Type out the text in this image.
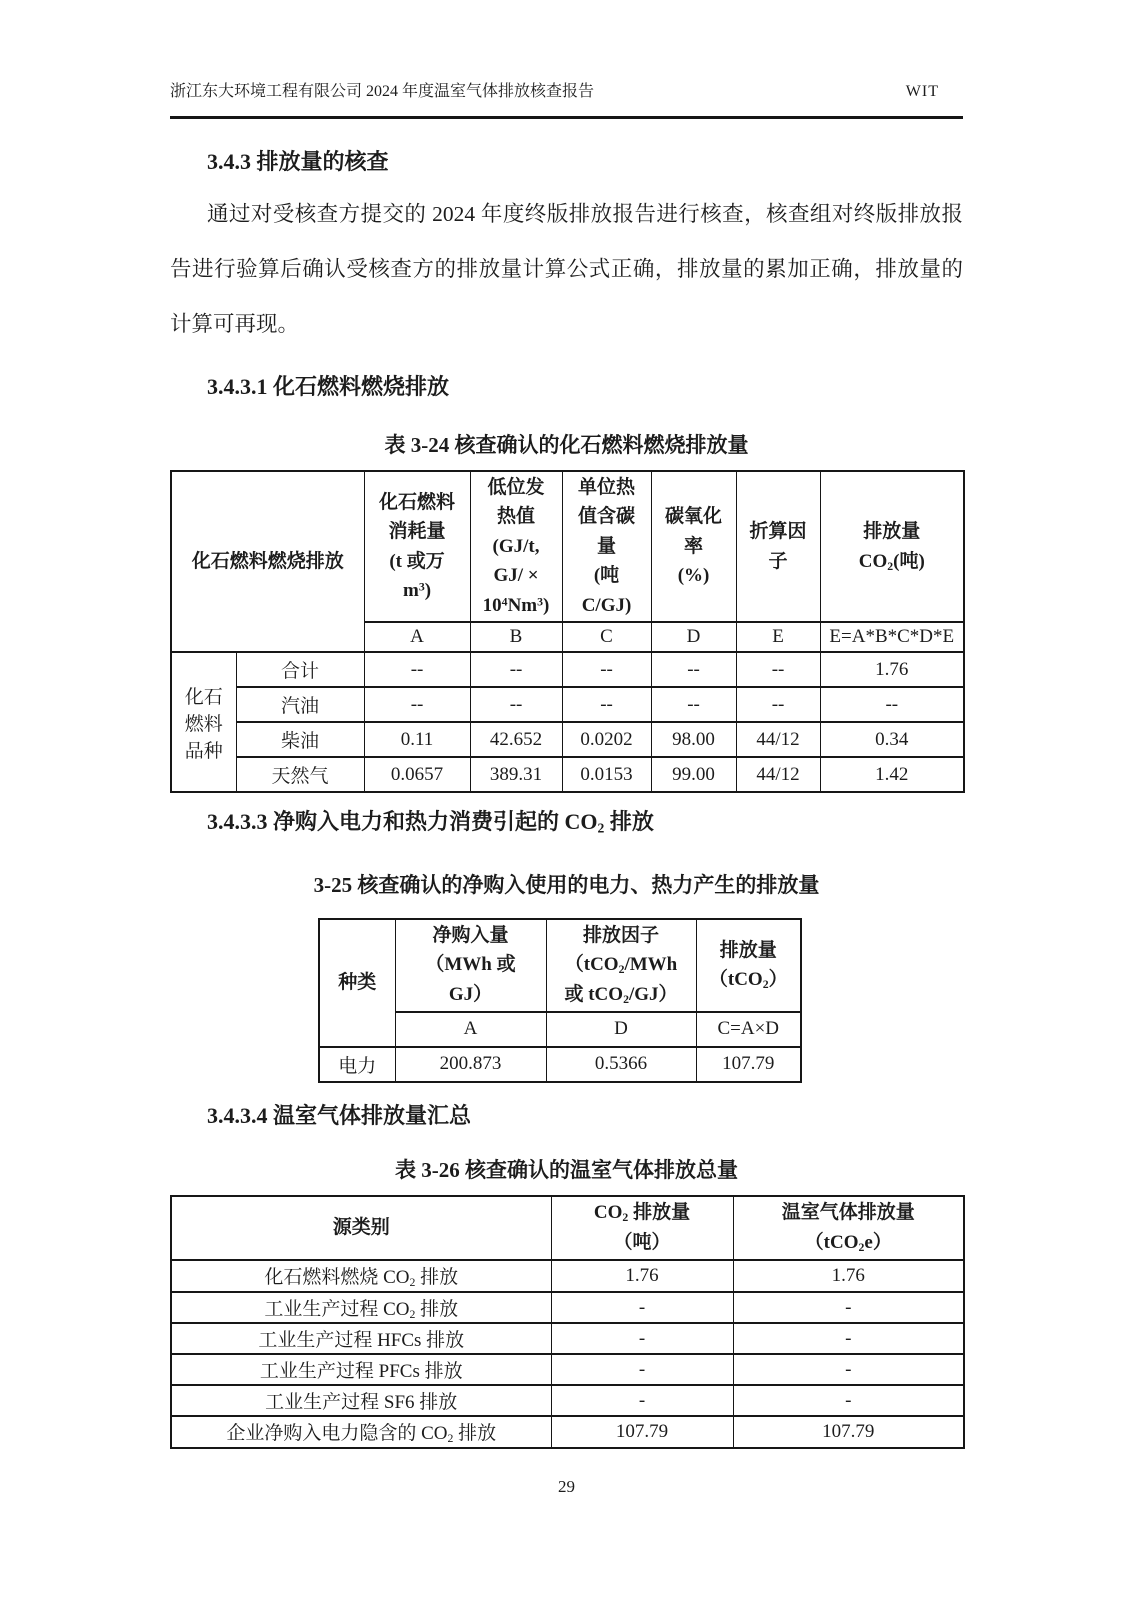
浙江东大环境工程有限公司 2024 年度温室气体排放核查报告	WIT
3.4.3 排放量的核查

通过对受核查方提交的 2024 年度终版排放报告进行核查，核查组对终版排放报告进行验算后确认受核查方的排放量计算公式正确，排放量的累加正确，排放量的计算可再现。

3.4.3.1 化石燃料燃烧排放
表 3-24 核查确认的化石燃料燃烧排放量
化石燃料燃烧排放		化石燃料
消耗量
(t 或万
$m^3$)	低位发
热值
(GJ/t,
GJ/ ×
$10^4Nm^3$)	单位热
值含碳
量
(吨
C/GJ)	碳氧化
率
(%)	折算因
子	排放量
$CO_2$(吨)
		A	B	C	D	E	E=A*B*C*D*E
化石
燃料
品种	合计	--	--	--	--	--	1.76
	汽油	--	--	--	--	--	--
	柴油	0.11	42.652	0.0202	98.00	44/12	0.34
	天然气	0.0657	389.31	0.0153	99.00	44/12	1.42
3.4.3.3 净购入电力和热力消费引起的 $CO_2$ 排放
3-25 核查确认的净购入使用的电力、热力产生的排放量
种类	净购入量
（MWh 或
GJ）	排放因子
（tCO$_2$/MWh
或 tCO$_2$/GJ）	排放量
（tCO$_2$）
	A	D	C=A×D
电力	200.873	0.5366	107.79
3.4.3.4 温室气体排放量汇总
表 3-26 核查确认的温室气体排放总量
源类别	$CO_2$ 排放量
（吨）	温室气体排放量
（tCO$_2$e）
化石燃料燃烧 $CO_2$ 排放	1.76	1.76
工业生产过程 $CO_2$ 排放	-	-
工业生产过程 HFCs 排放	-	-
工业生产过程 PFCs 排放	-	-
工业生产过程 SF6 排放	-	-
企业净购入电力隐含的 $CO_2$ 排放	107.79	107.79
29
